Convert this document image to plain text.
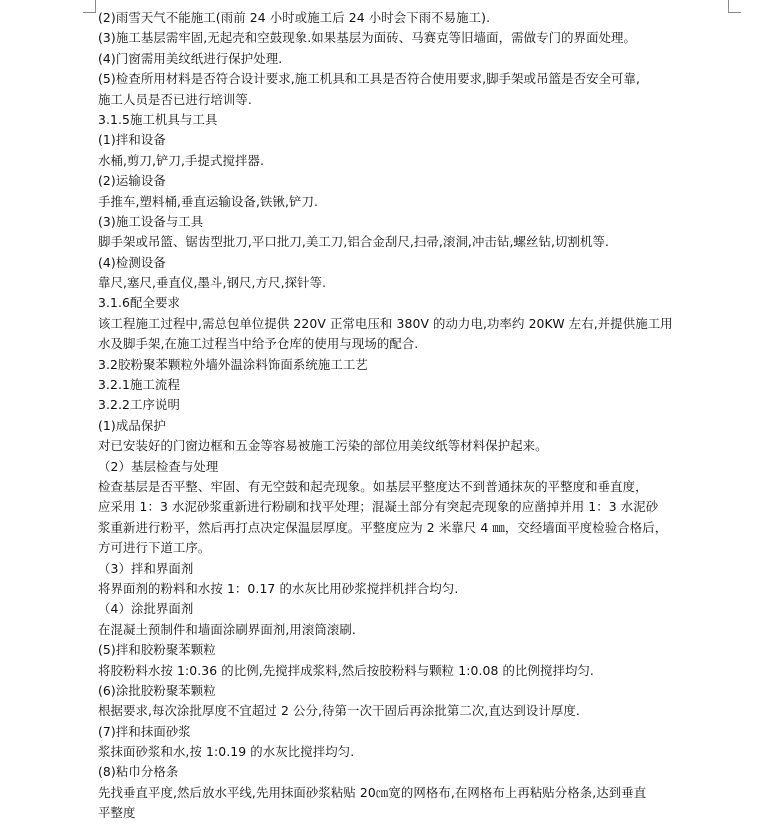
(2)雨雪天气不能施工(雨前 24 小时或施工后 24 小时会下雨不易施工).
(3)施工基层需牢固,无起壳和空鼓现象.如果基层为面砖、马赛克等旧墙面，需做专门的界面处理。
(4)门窗需用美纹纸进行保护处理.
(5)检查所用材料是否符合设计要求,施工机具和工具是否符合使用要求,脚手架或吊篮是否安全可靠,
施工人员是否已进行培训等.
3.1.5施工机具与工具
(1)拌和设备
水桶,剪刀,铲刀,手提式搅拌器.
(2)运输设备
手推车,塑料桶,垂直运输设备,铁锹,铲刀.
(3)施工设备与工具
脚手架或吊篮、锯齿型批刀,平口批刀,美工刀,铝合金刮尺,扫帚,滚洞,冲击钻,螺丝钻,切割机等.
(4)检测设备
靠尺,塞尺,垂直仪,墨斗,钢尺,方尺,探针等.
3.1.6配全要求
该工程施工过程中,需总包单位提供 220V 正常电压和 380V 的动力电,功率约 20KW 左右,并提供施工用
水及脚手架,在施工过程当中给予仓库的使用与现场的配合.
3.2胶粉聚苯颗粒外墙外温涂料饰面系统施工工艺
3.2.1施工流程
3.2.2工序说明
(1)成品保护
对已安装好的门窗边框和五金等容易被施工污染的部位用美纹纸等材料保护起来。
（2）基层检查与处理
检查基层是否平整、牢固、有无空鼓和起壳现象。如基层平整度达不到普通抹灰的平整度和垂直度，
应采用 1：3 水泥砂浆重新进行粉刷和找平处理；混凝土部分有突起壳现象的应凿掉并用 1：3 水泥砂
浆重新进行粉平，然后再打点决定保温层厚度。平整度应为 2 米靠尺 4 ㎜，交经墙面平度检验合格后，
方可进行下道工序。
（3）拌和界面剂
将界面剂的粉料和水按 1：0.17 的水灰比用砂浆搅拌机拌合均匀.
（4）涂批界面剂
在混凝土预制件和墙面涂刷界面剂,用滚筒滚刷.
(5)拌和胶粉聚苯颗粒
将胶粉料水按 1:0.36 的比例,先搅拌成浆料,然后按胶粉料与颗粒 1:0.08 的比例搅拌均匀.
(6)涂批胶粉聚苯颗粒
根据要求,每次涂批厚度不宜超过 2 公分,待第一次干固后再涂批第二次,直达到设计厚度.
(7)拌和抹面砂浆
浆抹面砂浆和水,按 1:0.19 的水灰比搅拌均匀.
(8)粘巾分格条
先找垂直平度,然后放水平线,先用抹面砂浆粘贴 20㎝宽的网格布,在网格布上再粘贴分格条,达到垂直
平整度
